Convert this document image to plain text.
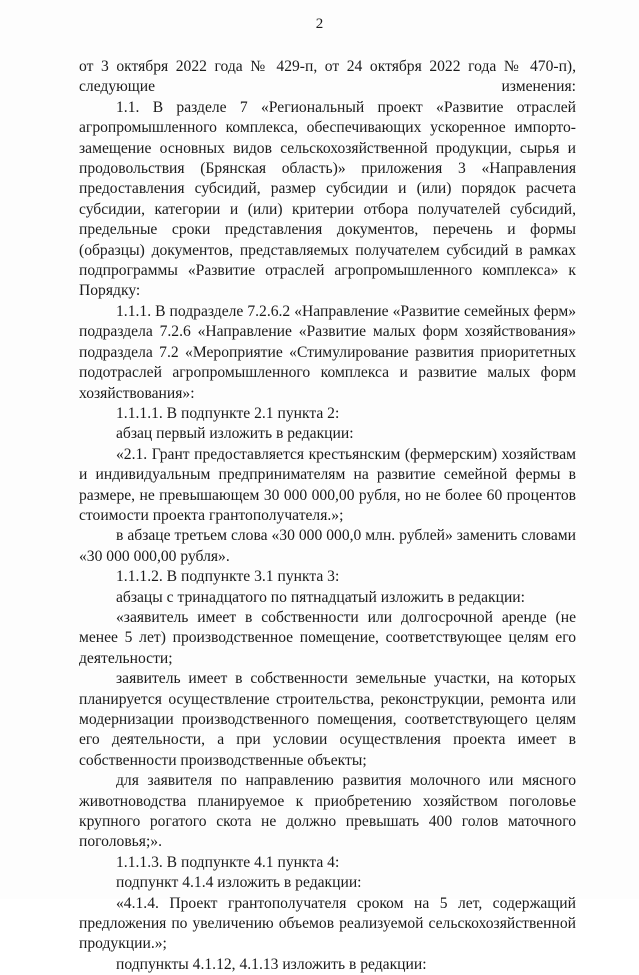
2

от 3 октября 2022 года № 429-п, от 24 октября 2022 года № 470-п), следующие изменения:

1.1. В разделе 7 «Региональный проект «Развитие отраслей агропромышленного комплекса, обеспечивающих ускоренное импорто-замещение основных видов сельскохозяйственной продукции, сырья и продовольствия (Брянская область)» приложения 3 «Направления предоставления субсидий, размер субсидии и (или) порядок расчета субсидии, категории и (или) критерии отбора получателей субсидий, предельные сроки представления документов, перечень и формы (образцы) документов, представляемых получателем субсидий в рамках подпрограммы «Развитие отраслей агропромышленного комплекса» к Порядку:

1.1.1. В подразделе 7.2.6.2 «Направление «Развитие семейных ферм» подраздела 7.2.6 «Направление «Развитие малых форм хозяйствования» подраздела 7.2 «Мероприятие «Стимулирование развития приоритетных подотраслей агропромышленного комплекса и развитие малых форм хозяйствования»:

1.1.1.1. В подпункте 2.1 пункта 2:

абзац первый изложить в редакции:

«2.1. Грант предоставляется крестьянским (фермерским) хозяйствам и индивидуальным предпринимателям на развитие семейной фермы в размере, не превышающем 30 000 000,00 рубля, но не более 60 процентов стоимости проекта грантополучателя.»;

в абзаце третьем слова «30 000 000,0 млн. рублей» заменить словами «30 000 000,00 рубля».

1.1.1.2. В подпункте 3.1 пункта 3:

абзацы с тринадцатого по пятнадцатый изложить в редакции:

«заявитель имеет в собственности или долгосрочной аренде (не менее 5 лет) производственное помещение, соответствующее целям его деятельности;

заявитель имеет в собственности земельные участки, на которых планируется осуществление строительства, реконструкции, ремонта или модернизации производственного помещения, соответствующего целям его деятельности, а при условии осуществления проекта имеет в собственности производственные объекты;

для заявителя по направлению развития молочного или мясного животноводства планируемое к приобретению хозяйством поголовье крупного рогатого скота не должно превышать 400 голов маточного поголовья;».

1.1.1.3. В подпункте 4.1 пункта 4:

подпункт 4.1.4 изложить в редакции:

«4.1.4. Проект грантополучателя сроком на 5 лет, содержащий предложения по увеличению объемов реализуемой сельскохозяйственной продукции.»;

подпункты 4.1.12, 4.1.13 изложить в редакции:
